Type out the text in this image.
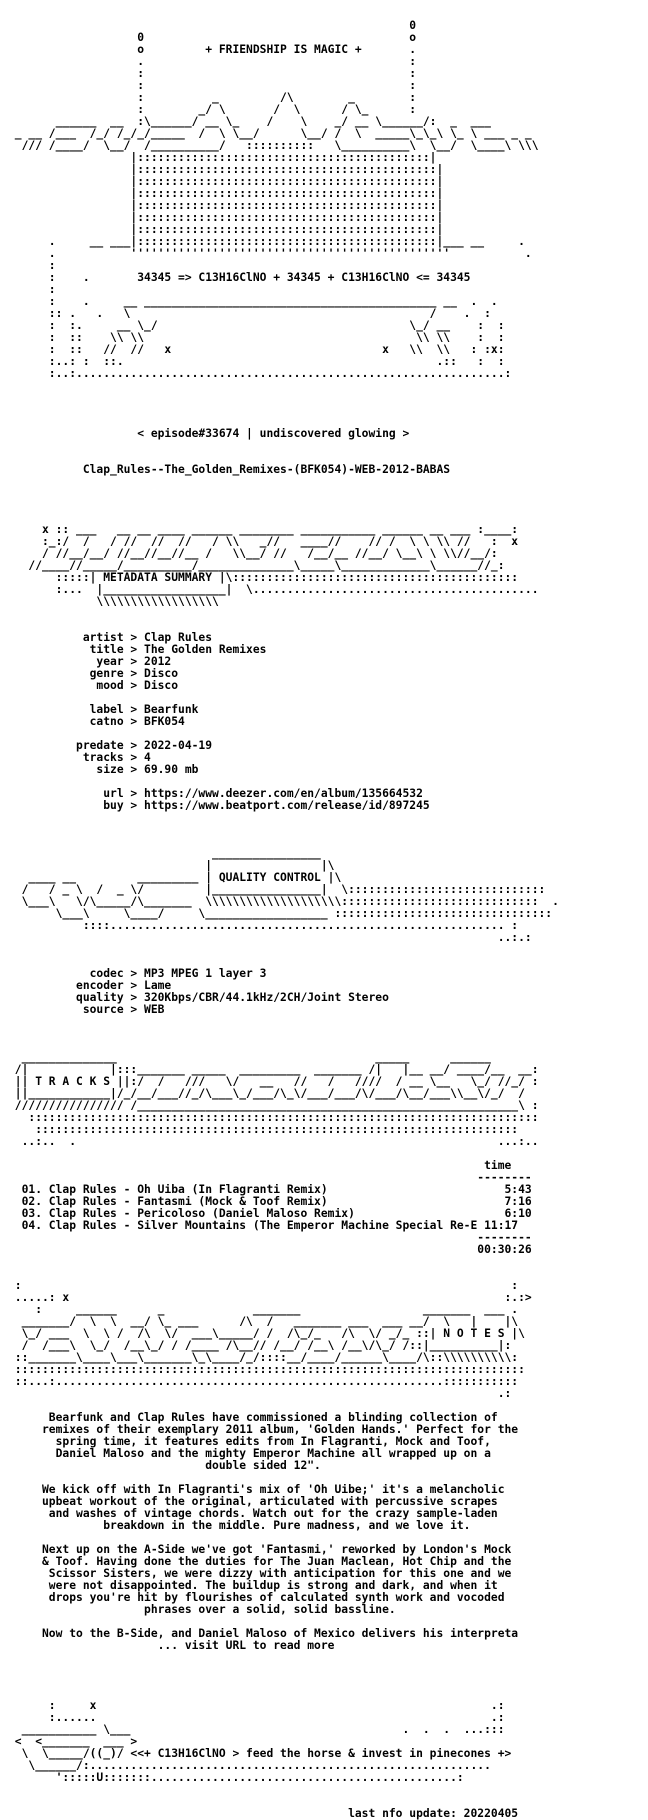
0
0                                       o
o         + FRIENDSHIP IS MAGIC +       .
.                                       :
:                                       :
:                                       :
:          _         /\        _        :
:        _/ \       /  \      / \_      :
______  __  :\______/ __ \_    /    \    _/ __ \______/:  _  ___
_ __ /___  /_/ /_/_/_____  /  \ \__/      \__/ /  \  _____\_\_\ \_ \ ___ _ _
/// /____/  \__/  /__________/   ::::::::::   \__________\  \__/  \____\ \\\
|:::::::::::::::::::::::::::::::::::::::::::|
|::::::::::::::::::::::::::::::::::::::::::::|
|::::::::::::::::::::::::::::::::::::::::::::|
|::::::::::::::::::::::::::::::::::::::::::::|
|::::::::::::::::::::::::::::::::::::::::::::|
|::::::::::::::::::::::::::::::::::::::::::::|
|::::::::::::::::::::::::::::::::::::::::::::|
.     __ ___|::::::::::::::::::::::::::::::::::::::::::::|___ __     .
.           '''''''''''''''''''''''''''''''''''''''''''''''           .
:
:    .       34345 => C13H16ClNO + 34345 + C13H16ClNO <= 34345
:
:    .     __ ___________________________________________ __  .  .
:: .   .   \                                            /    .  :
:  :.     __ \_/                                     \_/ __    :  :
:  ::    \\ \\                                        \\ \\    :  :
:  ::   //  //   x                               x   \\  \\   : :x:
:..: :  ::.                                              .::   :  :
:..:...............................................................:

< episode#33674 | undiscovered glowing >

Clap_Rules--The_Golden_Remixes-(BFK054)-WEB-2012-BABAS

x :: ___   __ __ ____ ______ ________ ___________ ______ __ ___ :____:
:_:/  /   / //  //  //   / \\   _//   ____//    // /  \ \ \\ //   :  x
/ //__/__/ //__//__//__ /   \\__/ //   /__/__ //__/ \__\ \ \\//__/:
//____//_____/__________/______________\_____\_____________\______//_:
:::::| METADATA SUMMARY |\::::::::::::::::::::::::::::::::::::::::::
:...  |__________________|  \..........................................
\\\\\\\\\\\\\\\\\\

artist > Clap Rules
title > The Golden Remixes
year > 2012
genre > Disco
mood > Disco

label > Bearfunk
catno > BFK054

predate > 2022-04-19
tracks > 4
size > 69.90 mb

url > https://www.deezer.com/en/album/135664532
buy > https://www.beatport.com/release/id/897245

________________
|                |\
____ __         _________ | QUALITY CONTROL |\
/   / _ \  /  _ \/         |________________|  \:::::::::::::::::::::::::::::
\___\   \/\_____/\_______  \\\\\\\\\\\\\\\\\\\\:::::::::::::::::::::::::::::  .
\___\     \____/     \__________________ ::::::::::::::::::::::::::::::::
::::.......................................................... :
..:.:

codec > MP3 MPEG 1 layer 3
encoder > Lame
quality > 320Kbps/CBR/44.1kHz/2CH/Joint Stereo
source > WEB

______________                                      _____      ______
/|            |:::_______ _____  _________  _______ /|   |__ __/ ____/__  __:
|| T R A C K S ||:/  /   ///   \/   __   //   /   ////  / __ \__   \_/ //_/ :
||____________|/_/__/___//_/\___\_/___/\_\/___/___/\/___/\__/___\\__\/_/  /
//////////////// /________________________________________________________\ :
:::::::::::::::::::::::::::::::::::::::::::::::::::::::::::::::::::::::::::
:::::::::::::::::::::::::::::::::::::::::::::::::::::::::::::::::::::::
..:..  .                                                              ...:..

time
--------
01. Clap Rules - Oh Uiba (In Flagranti Remix)                          5:43
02. Clap Rules - Fantasmi (Mock & Toof Remix)                          7:16
03. Clap Rules - Pericoloso (Daniel Maloso Remix)                      6:10
04. Clap Rules - Silver Mountains (The Emperor Machine Special Re-E 11:17
--------
00:30:26

:                                                                        :
.....: x                                                                :.:>
:     ______      _             _______                  _______  ___ .
_______/  \  \  __/ \_ ___      /\  /   _______ ___  ___ __/  \   |    |\
\_/ ___  \  \ /  /\  \/  ___\_____/ /  /\_/_   /\  \/ _/_ ::| N O T E S |\
/  /___\  \_/  /__\_/ / /____ /\__// /__/ /__\ /__\/\_/ /::|__________|:
::_______\____\___\_______\_\____/_/::::__/____/______\____/\::\\\\\\\\\\:
:::::::::::::::::::::::::::::::::::::::::::::::::::::::::::::::::::::::::::
::...:.........................................................:::::::::::
.:

Bearfunk and Clap Rules have commissioned a blinding collection of
remixes of their exemplary 2011 album, 'Golden Hands.' Perfect for the
spring time, it features edits from In Flagranti, Mock and Toof,
Daniel Maloso and the mighty Emperor Machine all wrapped up on a
double sided 12".

We kick off with In Flagranti's mix of 'Oh Uibe;' it's a melancholic
upbeat workout of the original, articulated with percussive scrapes
and washes of vintage chords. Watch out for the crazy sample-laden
breakdown in the middle. Pure madness, and we love it.

Next up on the A-Side we've got 'Fantasmi,' reworked by London's Mock
& Toof. Having done the duties for The Juan Maclean, Hot Chip and the
Scissor Sisters, we were dizzy with anticipation for this one and we
were not disappointed. The buildup is strong and dark, and when it
drops you're hit by flourishes of calculated synth work and vocoded
phrases over a solid, solid bassline.

Now to the B-Side, and Daniel Maloso of Mexico delivers his interpreta
... visit URL to read more

:     x                                                          .:
:......                                                          .:
___________ \___                                        .  .  .  ...:::
<  <_______  ___ >
\  \_____/((_)/ <<+ C13H16ClNO > feed the horse & invest in pinecones +>
\______/:...........................................................
':::::U:::::::.............................................:

last nfo update: 20220405
